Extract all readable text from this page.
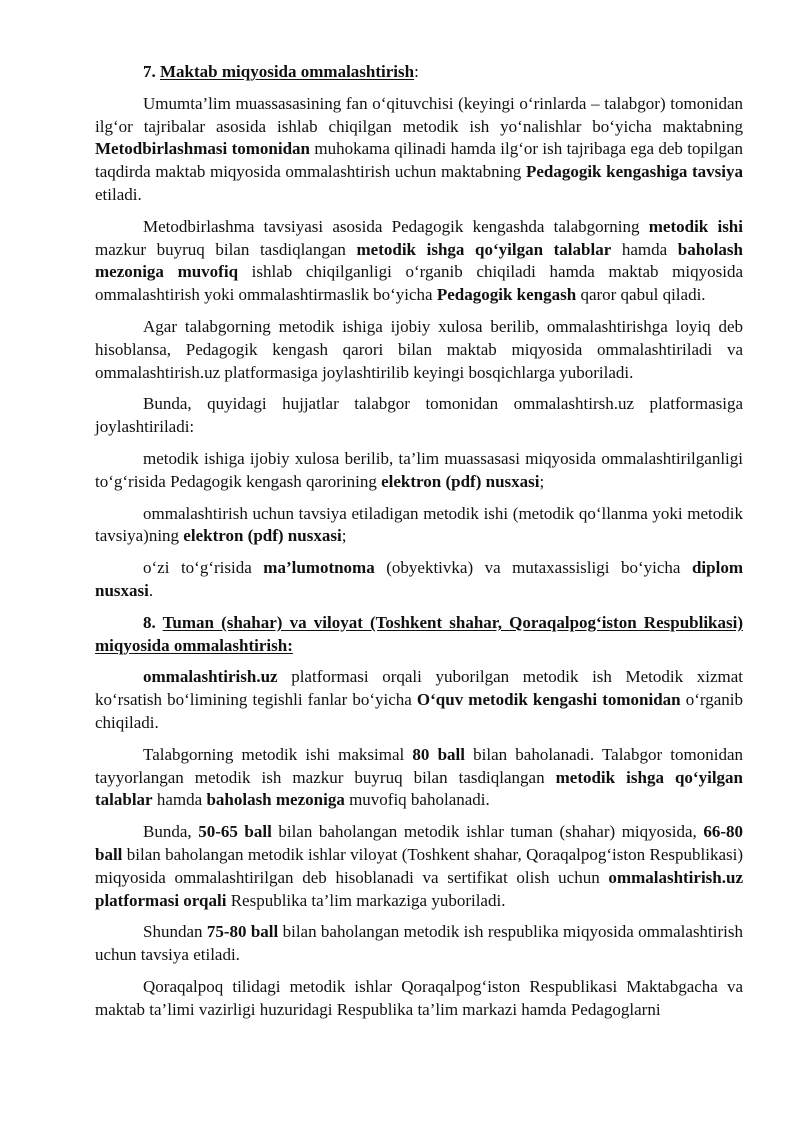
7. Maktab miqyosida ommalashtirish:

Umumta’lim muassasasining fan o‘qituvchisi (keyingi o‘rinlarda – talabgor) tomonidan ilg‘or tajribalar asosida ishlab chiqilgan metodik ish yo‘nalishlar bo‘yicha maktabning Metodbirlashmasi tomonidan muhokama qilinadi hamda ilg‘or ish tajribaga ega deb topilgan taqdirda maktab miqyosida ommalashtirish uchun maktabning Pedagogik kengashiga tavsiya etiladi.

Metodbirlashma tavsiyasi asosida Pedagogik kengashda talabgorning metodik ishi mazkur buyruq bilan tasdiqlangan metodik ishga qo‘yilgan talablar hamda baholash mezoniga muvofiq ishlab chiqilganligi o‘rganib chiqiladi hamda maktab miqyosida ommalashtirish yoki ommalashtirmaslik bo‘yicha Pedagogik kengash qaror qabul qiladi.

Agar talabgorning metodik ishiga ijobiy xulosa berilib, ommalashtirishga loyiq deb hisoblansa, Pedagogik kengash qarori bilan maktab miqyosida ommalashtiriladi va ommalashtirish.uz platformasiga joylashtirilib keyingi bosqichlarga yuboriladi.

Bunda, quyidagi hujjatlar talabgor tomonidan ommalashtirsh.uz platformasiga joylashtiriladi:

metodik ishiga ijobiy xulosa berilib, ta’lim muassasasi miqyosida ommalashtirilganligi to‘g‘risida Pedagogik kengash qarorining elektron (pdf) nusxasi;

ommalashtirish uchun tavsiya etiladigan metodik ishi (metodik qo‘llanma yoki metodik tavsiya)ning elektron (pdf) nusxasi;

o‘zi to‘g‘risida ma’lumotnoma (obyektivka) va mutaxassisligi bo‘yicha diplom nusxasi.

8. Tuman (shahar) va viloyat (Toshkent shahar, Qoraqalpog‘iston Respublikasi) miqyosida ommalashtirish:

ommalashtirish.uz platformasi orqali yuborilgan metodik ish Metodik xizmat ko‘rsatish bo‘limining tegishli fanlar bo‘yicha O‘quv metodik kengashi tomonidan o‘rganib chiqiladi.

Talabgorning metodik ishi maksimal 80 ball bilan baholanadi. Talabgor tomonidan tayyorlangan metodik ish mazkur buyruq bilan tasdiqlangan metodik ishga qo‘yilgan talablar hamda baholash mezoniga muvofiq baholanadi.

Bunda, 50-65 ball bilan baholangan metodik ishlar tuman (shahar) miqyosida, 66-80 ball bilan baholangan metodik ishlar viloyat (Toshkent shahar, Qoraqalpog‘iston Respublikasi) miqyosida ommalashtirilgan deb hisoblanadi va sertifikat olish uchun ommalashtirish.uz platformasi orqali Respublika ta’lim markaziga yuboriladi.

Shundan 75-80 ball bilan baholangan metodik ish respublika miqyosida ommalashtirish uchun tavsiya etiladi.

Qoraqalpoq tilidagi metodik ishlar Qoraqalpog‘iston Respublikasi Maktabgacha va maktab ta’limi vazirligi huzuridagi Respublika ta’lim markazi hamda Pedagoglarni
